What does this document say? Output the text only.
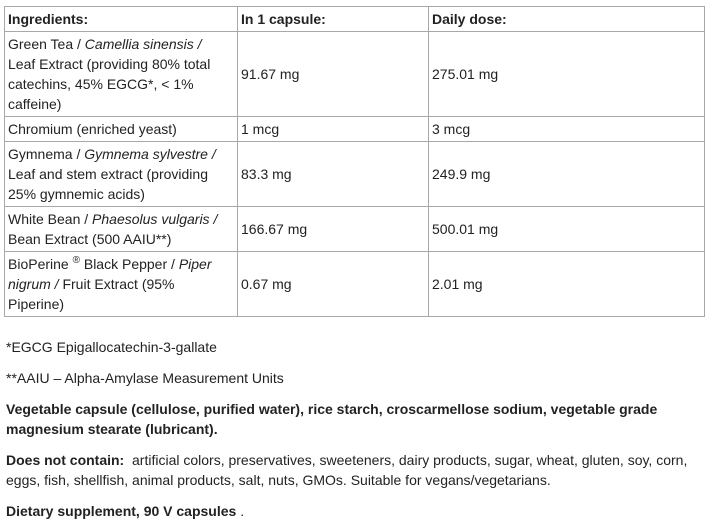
Ingredients:	In 1 capsule:	Daily dose:
Green Tea / Camellia sinensis /  Leaf Extract (providing 80% total catechins, 45% EGCG*, < 1% caffeine)	91.67 mg	275.01 mg
Chromium (enriched yeast)	1 mcg	3 mcg
Gymnema / Gymnema sylvestre / Leaf and stem extract (providing 25% gymnemic acids)	83.3 mg	249.9 mg
White Bean / Phaesolus vulgaris / Bean Extract (500 AAIU**)	166.67 mg	500.01 mg
BioPerine ® Black Pepper / Piper nigrum / Fruit Extract (95% Piperine)	0.67 mg	2.01 mg

*EGCG Epigallocatechin-3-gallate

**AAIU – Alpha-Amylase Measurement Units

Vegetable capsule (cellulose, purified water), rice starch, croscarmellose sodium, vegetable grade magnesium stearate (lubricant).

Does not contain: artificial colors, preservatives, sweeteners, dairy products, sugar, wheat, gluten, soy, corn, eggs, fish, shellfish, animal products, salt, nuts, GMOs. Suitable for vegans/vegetarians.

Dietary supplement, 90 V capsules .
